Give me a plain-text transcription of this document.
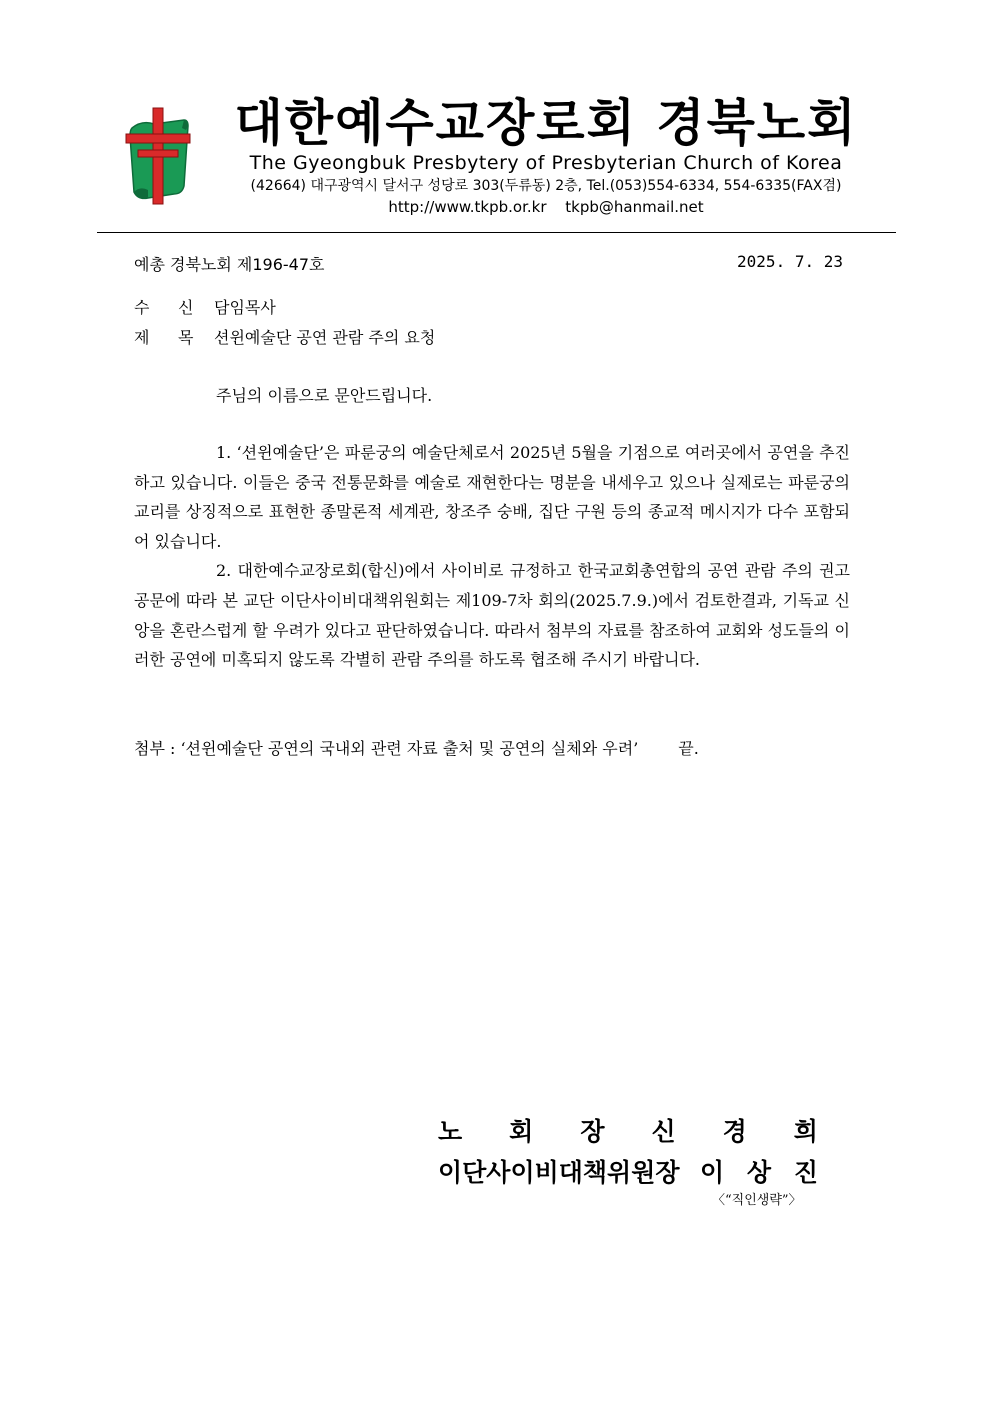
대한예수교장로회 경북노회
The Gyeongbuk Presbytery of Presbyterian Church of Korea
(42664) 대구광역시 달서구 성당로 303(두류동) 2층, Tel.(053)554-6334, 554-6335(FAX겸)
http://www.tkpb.or.kr tkpb@hanmail.net
예총 경북노회 제196-47호	2025. 7. 23
수 신 담임목사
제 목 션윈예술단 공연 관람 주의 요청
주님의 이름으로 문안드립니다.

1. ‘션윈예술단’은 파룬궁의 예술단체로서 2025년 5월을 기점으로 여러곳에서 공연을 추진하고 있습니다. 이들은 중국 전통문화를 예술로 재현한다는 명분을 내세우고 있으나 실제로는 파룬궁의 교리를 상징적으로 표현한 종말론적 세계관, 창조주 숭배, 집단 구원 등의 종교적 메시지가 다수 포함되어 있습니다.

2. 대한예수교장로회(합신)에서 사이비로 규정하고 한국교회총연합의 공연 관람 주의 권고 공문에 따라 본 교단 이단사이비대책위원회는 제109-7차 회의(2025.7.9.)에서 검토한결과, 기독교 신앙을 혼란스럽게 할 우려가 있다고 판단하였습니다. 따라서 첨부의 자료를 참조하여 교회와 성도들의 이러한 공연에 미혹되지 않도록 각별히 관람 주의를 하도록 협조해 주시기 바랍니다.

첨부 : ‘션윈예술단 공연의 국내외 관련 자료 출처 및 공연의 실체와 우려’	끝.
노 회 장 신 경 희
이단사이비대책위원장 이 상 진
〈“직인생략”〉
